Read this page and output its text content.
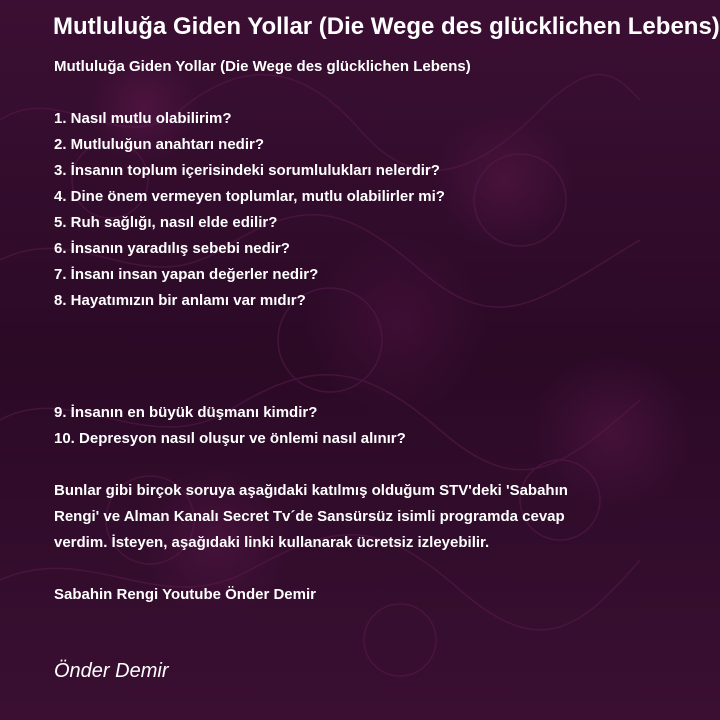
Mutluluğa Giden Yollar (Die Wege des glücklichen Lebens)

Mutluluğa Giden Yollar (Die Wege des glücklichen Lebens)

1. Nasıl mutlu olabilirim?

2. Mutluluğun anahtarı nedir?

3. İnsanın toplum içerisindeki sorumlulukları nelerdir?

4. Dine önem vermeyen toplumlar, mutlu olabilirler mi?

5. Ruh sağlığı, nasıl elde edilir?

6. İnsanın yaradılış sebebi nedir?

7. İnsanı insan yapan değerler nedir?

8. Hayatımızın bir anlamı var mıdır?

9. İnsanın en büyük düşmanı kimdir?

10. Depresyon nasıl oluşur ve önlemi nasıl alınır?

Bunlar gibi birçok soruya aşağıdaki katılmış olduğum STV'deki 'Sabahın Rengi' ve Alman Kanalı Secret Tv´de Sansürsüz isimli programda cevap verdim. İsteyen, aşağıdaki linki kullanarak ücretsiz izleyebilir.

Sabahin Rengi Youtube Önder Demir

Önder Demir
